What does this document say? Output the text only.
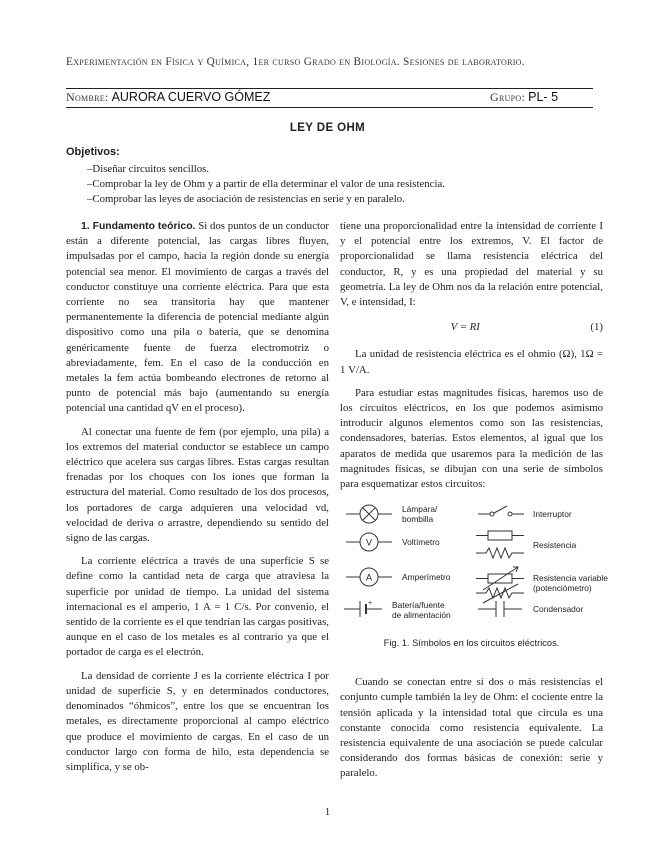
Experimentación en Física y Química, 1er curso Grado en Biología. Sesiones de laboratorio.
Nombre: AURORA CUERVO GÓMEZ	Grupo: PL- 5
LEY DE OHM
Objetivos:
–Diseñar circuitos sencillos.
–Comprobar la ley de Ohm y a partir de ella determinar el valor de una resistencia.
–Comprobar las leyes de asociación de resistencias en serie y en paralelo.

1. Fundamento teórico. Si dos puntos de un conductor están a diferente potencial, las cargas libres fluyen, impulsadas por el campo, hacia la región donde su energía potencial sea menor. El movimiento de cargas a través del conductor constituye una corriente eléctrica. Para que esta corriente no sea transitoria hay que mantener permanentemente la diferencia de potencial mediante algún dispositivo como una pila o batería, que se denomina genéricamente fuente de fuerza electromotriz o abreviadamente, fem. En el caso de la conducción en metales la fem actúa bombeando electrones de retorno al punto de potencial más bajo (aumentando su energía potencial una cantidad qV en el proceso).

Al conectar una fuente de fem (por ejemplo, una pila) a los extremos del material conductor se establece un campo eléctrico que acelera sus cargas libres. Estas cargas resultan frenadas por los choques con los iones que forman la estructura del material. Como resultado de los dos procesos, los portadores de carga adquieren una velocidad vd, velocidad de deriva o arrastre, dependiendo su sentido del signo de las cargas.

La corriente eléctrica a través de una superficie S se define como la cantidad neta de carga que atraviesa la superficie por unidad de tiempo. La unidad del sistema internacional es el amperio, 1 A = 1 C/s. Por convenio, el sentido de la corriente es el que tendrían las cargas positivas, aunque en el caso de los metales es al contrario ya que el portador de carga es el electrón.

La densidad de corriente J es la corriente eléctrica I por unidad de superficie S, y en determinados conductores, denominados “óhmicos”, entre los que se encuentran los metales, es directamente proporcional al campo eléctrico que produce el movimiento de cargas. En el caso de un conductor largo con forma de hilo, esta dependencia se simplifica, y se ob-

tiene una proporcionalidad entre la intensidad de corriente I y el potencial entre los extremos, V. El factor de proporcionalidad se llama resistencia eléctrica del conductor, R, y es una propiedad del material y su geometría. La ley de Ohm nos da la relación entre potencial, V, e intensidad, I:

V = RI	(1)

La unidad de resistencia eléctrica es el ohmio (Ω), 1Ω = 1 V/A.

Para estudiar estas magnitudes físicas, haremos uso de los circuitos eléctricos, en los que podemos asimismo introducir algunos elementos como son las resistencias, condensadores, baterías. Estos elementos, al igual que los aparatos de medida que usaremos para la medición de las magnitudes físicas, se dibujan con una serie de símbolos para esquematizar estos circuitos:

V
A
+
Lámpara/
bombilla
Voltímetro
Amperímetro
Batería/fuente
de alimentación
Interruptor
Resistencia
Resistencia variable
(potenciómetro)
Condensador
Fig. 1. Símbolos en los circuitos eléctricos.

Cuando se conectan entre sí dos o más resistencias el conjunto cumple también la ley de Ohm: el cociente entre la tensión aplicada y la intensidad total que circula es una constante conocida como resistencia equivalente. La resistencia equivalente de una asociación se puede calcular considerando dos formas básicas de conexión: serie y paralelo.

1
